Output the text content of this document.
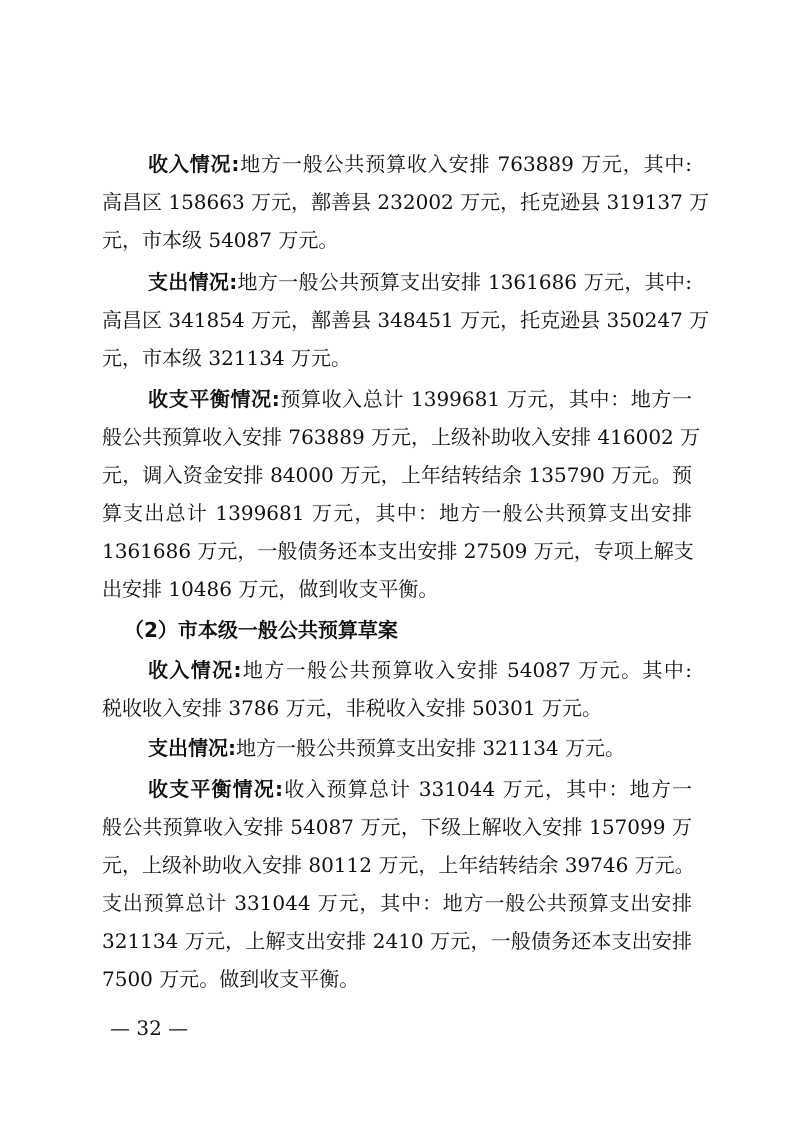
收入情况:地方一般公共预算收入安排 763889 万元，其中:
高昌区 158663 万元，鄯善县 232002 万元，托克逊县 319137 万
元，市本级 54087 万元。
支出情况:地方一般公共预算支出安排 1361686 万元，其中:
高昌区 341854 万元，鄯善县 348451 万元，托克逊县 350247 万
元，市本级 321134 万元。
收支平衡情况:预算收入总计 1399681 万元，其中：地方一
般公共预算收入安排 763889 万元，上级补助收入安排 416002 万
元，调入资金安排 84000 万元，上年结转结余 135790 万元。预
算支出总计 1399681 万元，其中：地方一般公共预算支出安排
1361686 万元，一般债务还本支出安排 27509 万元，专项上解支
出安排 10486 万元，做到收支平衡。
（2）市本级一般公共预算草案
收入情况:地方一般公共预算收入安排 54087 万元。其中:
税收收入安排 3786 万元，非税收入安排 50301 万元。
支出情况:地方一般公共预算支出安排 321134 万元。
收支平衡情况:收入预算总计 331044 万元，其中：地方一
般公共预算收入安排 54087 万元，下级上解收入安排 157099 万
元，上级补助收入安排 80112 万元，上年结转结余 39746 万元。
支出预算总计 331044 万元，其中：地方一般公共预算支出安排
321134 万元，上解支出安排 2410 万元，一般债务还本支出安排
7500 万元。做到收支平衡。
— 32 —
